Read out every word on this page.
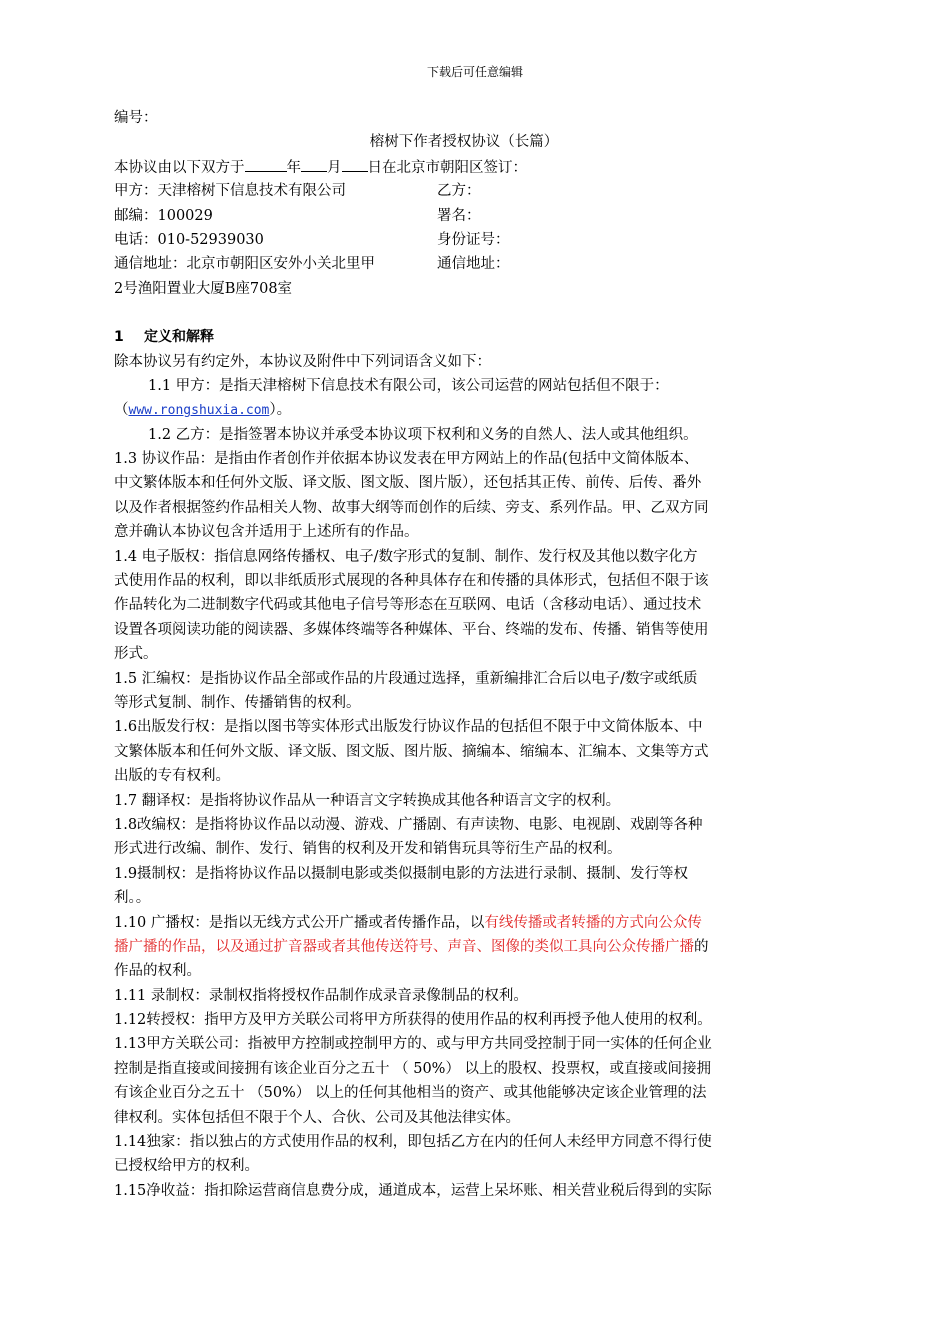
下载后可任意编辑
编号：
榕树下作者授权协议（长篇）
本协议由以下双方于	年 月 日在北京市朝阳区签订：
甲方：天津榕树下信息技术有限公司	乙方：
邮编：100029	署名：
电话：010-52939030	身份证号：
通信地址：北京市朝阳区安外小关北里甲	通信地址：
2号渔阳置业大厦B座708室
1 定义和解释
除本协议另有约定外，本协议及附件中下列词语含义如下：
1.1 甲方：是指天津榕树下信息技术有限公司，该公司运营的网站包括但不限于：
（www.rongshuxia.com）。
1.2 乙方：是指签署本协议并承受本协议项下权利和义务的自然人、法人或其他组织。
1.3 协议作品：是指由作者创作并依据本协议发表在甲方网站上的作品(包括中文简体版本、
中文繁体版本和任何外文版、译文版、图文版、图片版），还包括其正传、前传、后传、番外
以及作者根据签约作品相关人物、故事大纲等而创作的后续、旁支、系列作品。甲、乙双方同
意并确认本协议包含并适用于上述所有的作品。
1.4 电子版权：指信息网络传播权、电子/数字形式的复制、制作、发行权及其他以数字化方
式使用作品的权利，即以非纸质形式展现的各种具体存在和传播的具体形式，包括但不限于该
作品转化为二进制数字代码或其他电子信号等形态在互联网、电话（含移动电话）、通过技术
设置各项阅读功能的阅读器、多媒体终端等各种媒体、平台、终端的发布、传播、销售等使用
形式。
1.5 汇编权：是指协议作品全部或作品的片段通过选择，重新编排汇合后以电子/数字或纸质
等形式复制、制作、传播销售的权利。
1.6出版发行权：是指以图书等实体形式出版发行协议作品的包括但不限于中文简体版本、中
文繁体版本和任何外文版、译文版、图文版、图片版、摘编本、缩编本、汇编本、文集等方式
出版的专有权利。
1.7 翻译权：是指将协议作品从一种语言文字转换成其他各种语言文字的权利。
1.8改编权：是指将协议作品以动漫、游戏、广播剧、有声读物、电影、电视剧、戏剧等各种
形式进行改编、制作、发行、销售的权利及开发和销售玩具等衍生产品的权利。
1.9摄制权：是指将协议作品以摄制电影或类似摄制电影的方法进行录制、摄制、发行等权
利。。
1.10 广播权：是指以无线方式公开广播或者传播作品，以有线传播或者转播的方式向公众传
播广播的作品，以及通过扩音器或者其他传送符号、声音、图像的类似工具向公众传播广播的
作品的权利。
1.11 录制权：录制权指将授权作品制作成录音录像制品的权利。
1.12转授权：指甲方及甲方关联公司将甲方所获得的使用作品的权利再授予他人使用的权利。
1.13甲方关联公司：指被甲方控制或控制甲方的、或与甲方共同受控制于同一实体的任何企业
控制是指直接或间接拥有该企业百分之五十 （ 50%） 以上的股权、投票权，或直接或间接拥
有该企业百分之五十 （50%） 以上的任何其他相当的资产、或其他能够决定该企业管理的法
律权利。实体包括但不限于个人、合伙、公司及其他法律实体。
1.14独家：指以独占的方式使用作品的权利，即包括乙方在内的任何人未经甲方同意不得行使
已授权给甲方的权利。
1.15净收益：指扣除运营商信息费分成，通道成本，运营上呆坏账、相关营业税后得到的实际
